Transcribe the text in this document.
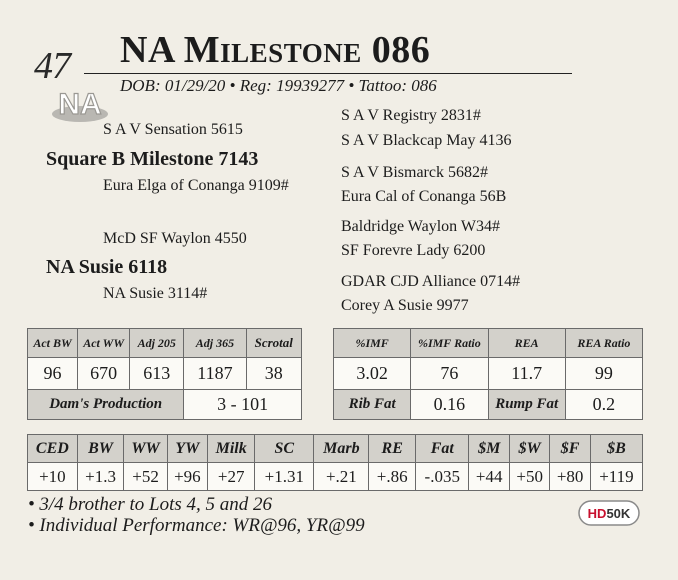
47
NA
NA Milestone 086
DOB: 01/29/20 • Reg: 19939277 • Tattoo: 086
S A V Sensation 5615
Square B Milestone 7143
Eura Elga of Conanga 9109#
S A V Registry 2831#
S A V Blackcap May 4136
S A V Bismarck 5682#
Eura Cal of Conanga 56B
McD SF Waylon 4550
NA Susie 6118
NA Susie 3114#
Baldridge Waylon W34#
SF Forevre Lady 6200
GDAR CJD Alliance 0714#
Corey A Susie 9977
Act BW	Act WW	Adj 205	Adj 365	Scrotal
96	670	613	1187	38
Dam's Production			3 - 101	
%IMF	%IMF Ratio	REA	REA Ratio
3.02	76	11.7	99
Rib Fat	0.16	Rump Fat	0.2
CED	BW	WW	YW	Milk	SC	Marb	RE	Fat	$M	$W	$F	$B
+10	+1.3	+52	+96	+27	+1.31	+.21	+.86	-.035	+44	+50	+80	+119
• 3/4 brother to Lots 4, 5 and 26
• Individual Performance: WR@96, YR@99
HD50K
